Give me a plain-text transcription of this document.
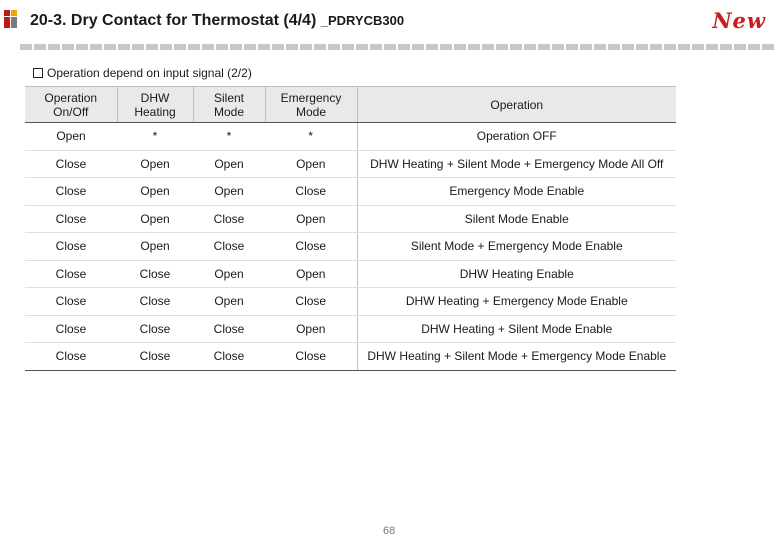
20-3. Dry Contact for Thermostat (4/4) _PDRYCB300	New
Operation depend on input signal (2/2)
Operation On/Off	DHW Heating	Silent Mode	Emergency Mode	Operation
Open	*	*	*	Operation OFF
Close	Open	Open	Open	DHW Heating + Silent Mode + Emergency Mode All Off
Close	Open	Open	Close	Emergency Mode Enable
Close	Open	Close	Open	Silent Mode Enable
Close	Open	Close	Close	Silent Mode + Emergency Mode Enable
Close	Close	Open	Open	DHW Heating Enable
Close	Close	Open	Close	DHW Heating + Emergency Mode Enable
Close	Close	Close	Open	DHW Heating + Silent Mode Enable
Close	Close	Close	Close	DHW Heating + Silent Mode + Emergency Mode Enable
68
